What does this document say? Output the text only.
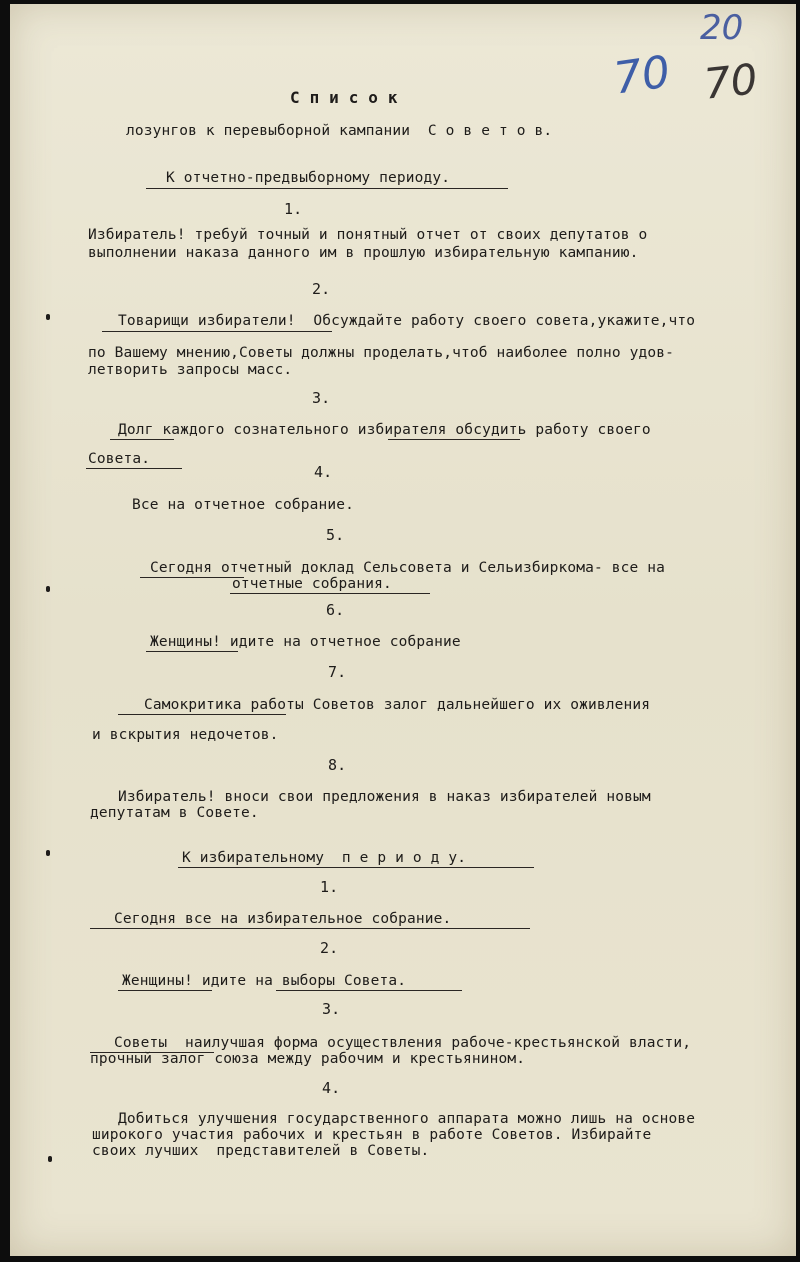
20
70 70
С п и с о к
лозунгов к перевыборной кампании  С о в е т о в.
К отчетно-предвыборному периоду.
1.
Избиратель! требуй точный и понятный отчет от своих депутатов о
выполнении наказа данного им в прошлую избирательную кампанию.
2.
Товарищи избиратели!  Обсуждайте работу своего совета,укажите,что
по Вашему мнению,Советы должны проделать,чтоб наиболее полно удов-
летворить запросы масс.
3.
Долг каждого сознательного избирателя обсудить работу своего
Совета.
4.
Все на отчетное собрание.
5.
Сегодня отчетный доклад Сельсовета и Сельизбиркома- все на
отчетные собрания.
6.
Женщины! идите на отчетное собрание
7.
Самокритика работы Советов залог дальнейшего их оживления
и вскрытия недочетов.
8.
Избиратель! вноси свои предложения в наказ избирателей новым
депутатам в Совете.
К избирательному  п е р и о д у.
1.
Сегодня все на избирательное собрание.
2.
Женщины! идите на выборы Совета.
3.
Советы  наилучшая форма осуществления рабоче-крестьянской власти,
прочный залог союза между рабочим и крестьянином.
4.
Добиться улучшения государственного аппарата можно лишь на основе
широкого участия рабочих и крестьян в работе Советов. Избирайте
своих лучших  представителей в Советы.
